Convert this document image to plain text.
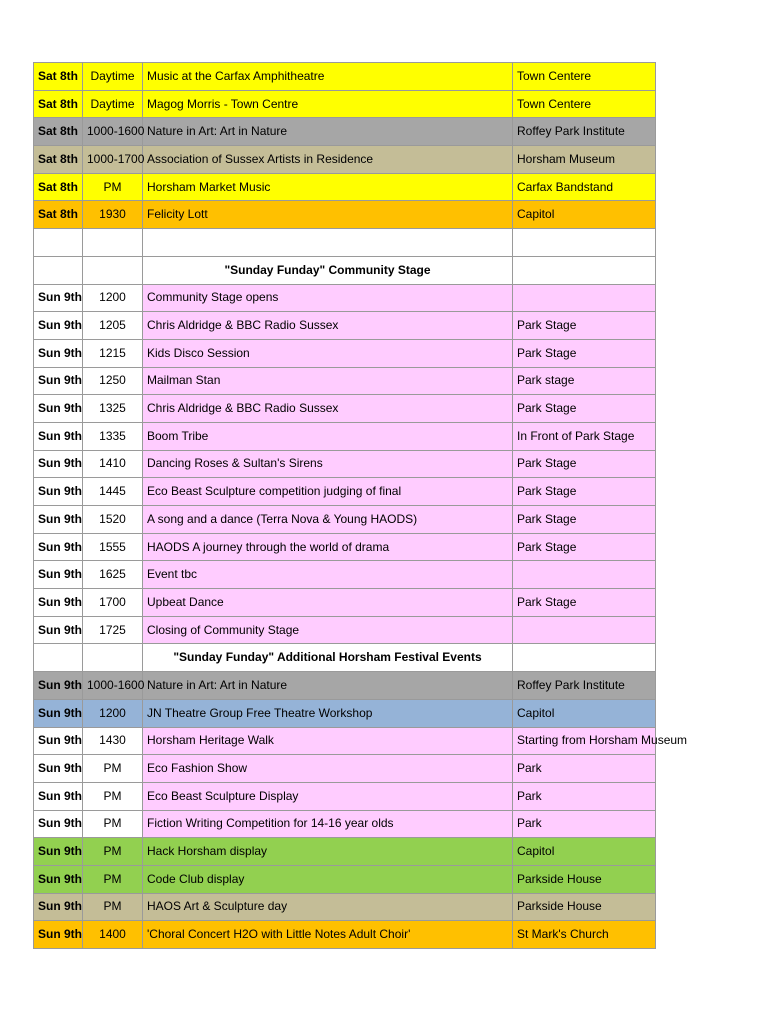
Sat 8th	Daytime	Music at the Carfax Amphitheatre	Town Centere
Sat 8th	Daytime	Magog Morris - Town Centre	Town Centere
Sat 8th	1000-1600	Nature in Art: Art in Nature	Roffey Park Institute
Sat 8th	1000-1700	Association of Sussex Artists in Residence	Horsham Museum
Sat 8th	PM	Horsham Market Music	Carfax Bandstand
Sat 8th	1930	Felicity Lott	Capitol

		"Sunday Funday" Community Stage	
Sun 9th	1200	Community Stage opens	
Sun 9th	1205	Chris Aldridge & BBC Radio Sussex	Park Stage
Sun 9th	1215	Kids Disco Session	Park Stage
Sun 9th	1250	Mailman Stan	Park stage
Sun 9th	1325	Chris Aldridge & BBC Radio Sussex	Park Stage
Sun 9th	1335	Boom Tribe	In Front of Park Stage
Sun 9th	1410	Dancing Roses & Sultan's Sirens	Park Stage
Sun 9th	1445	Eco Beast Sculpture competition judging of final	Park Stage
Sun 9th	1520	A song and a dance (Terra Nova & Young HAODS)	Park Stage
Sun 9th	1555	HAODS A journey through the world of drama	Park Stage
Sun 9th	1625	Event tbc	
Sun 9th	1700	Upbeat Dance	Park Stage
Sun 9th	1725	Closing of Community Stage	
		"Sunday Funday" Additional Horsham Festival Events	
Sun 9th	1000-1600	Nature in Art: Art in Nature	Roffey Park Institute
Sun 9th	1200	JN Theatre Group Free Theatre Workshop	Capitol
Sun 9th	1430	Horsham Heritage Walk	Starting from Horsham Museum
Sun 9th	PM	Eco Fashion Show	Park
Sun 9th	PM	Eco Beast Sculpture Display	Park
Sun 9th	PM	Fiction Writing Competition for 14-16 year olds	Park
Sun 9th	PM	Hack Horsham display	Capitol
Sun 9th	PM	Code Club display	Parkside House
Sun 9th	PM	HAOS Art & Sculpture day	Parkside House
Sun 9th	1400	'Choral Concert H2O with Little Notes Adult Choir'	St Mark's Church
